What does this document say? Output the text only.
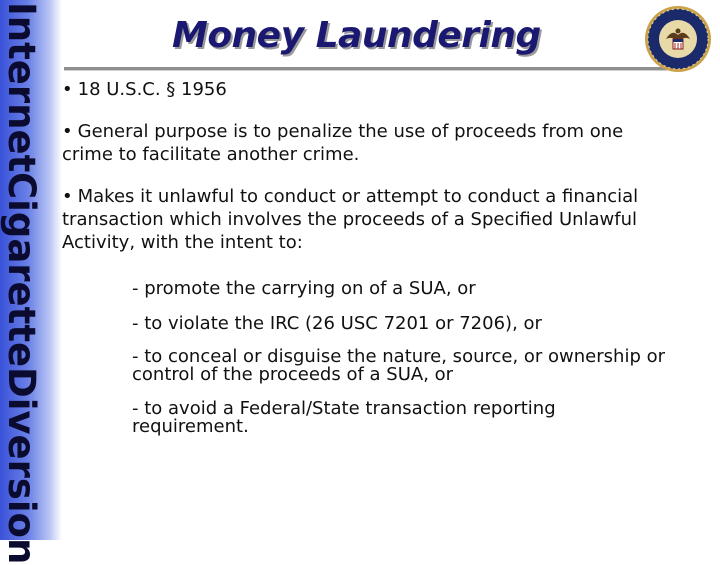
Internet
Cigarette
Diversion
Money Laundering

• 18 U.S.C. § 1956

• General purpose is to penalize the use of proceeds from one crime to facilitate another crime.

• Makes it unlawful to conduct or attempt to conduct a financial transaction which involves the proceeds of a Specified Unlawful Activity, with the intent to:

- promote the carrying on of a SUA, or

- to violate the IRC (26 USC 7201 or 7206), or

- to conceal or disguise the nature, source, or ownership or control of the proceeds of a SUA, or

- to avoid a Federal/State transaction reporting requirement.
